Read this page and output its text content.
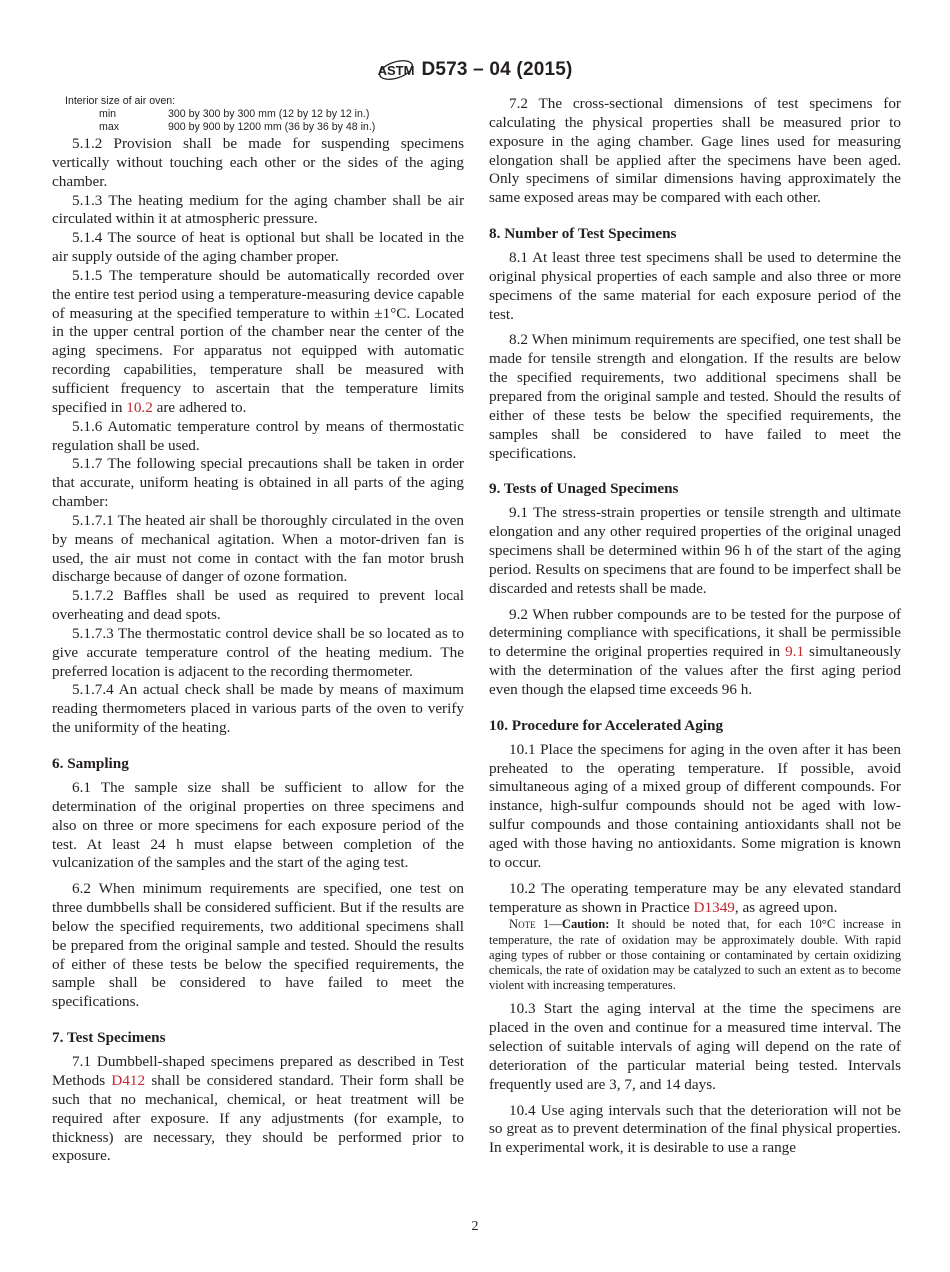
ASTM D573 – 04 (2015)
Interior size of air oven:
min	300 by 300 by 300 mm (12 by 12 by 12 in.)
max	900 by 900 by 1200 mm (36 by 36 by 48 in.)

5.1.2 Provision shall be made for suspending specimens vertically without touching each other or the sides of the aging chamber.

5.1.3 The heating medium for the aging chamber shall be air circulated within it at atmospheric pressure.

5.1.4 The source of heat is optional but shall be located in the air supply outside of the aging chamber proper.

5.1.5 The temperature should be automatically recorded over the entire test period using a temperature-measuring device capable of measuring at the specified temperature to within ±1°C. Located in the upper central portion of the chamber near the center of the aging specimens. For apparatus not equipped with automatic recording capabilities, temperature shall be measured with sufficient frequency to ascertain that the temperature limits specified in 10.2 are adhered to.

5.1.6 Automatic temperature control by means of thermostatic regulation shall be used.

5.1.7 The following special precautions shall be taken in order that accurate, uniform heating is obtained in all parts of the aging chamber:

5.1.7.1 The heated air shall be thoroughly circulated in the oven by means of mechanical agitation. When a motor-driven fan is used, the air must not come in contact with the fan motor brush discharge because of danger of ozone formation.

5.1.7.2 Baffles shall be used as required to prevent local overheating and dead spots.

5.1.7.3 The thermostatic control device shall be so located as to give accurate temperature control of the heating medium. The preferred location is adjacent to the recording thermometer.

5.1.7.4 An actual check shall be made by means of maximum reading thermometers placed in various parts of the oven to verify the uniformity of the heating.

6. Sampling

6.1 The sample size shall be sufficient to allow for the determination of the original properties on three specimens and also on three or more specimens for each exposure period of the test. At least 24 h must elapse between completion of the vulcanization of the samples and the start of the aging test.

6.2 When minimum requirements are specified, one test on three dumbbells shall be considered sufficient. But if the results are below the specified requirements, two additional specimens shall be prepared from the original sample and tested. Should the results of either of these tests be below the specified requirements, the sample shall be considered to have failed to meet the specifications.

7. Test Specimens

7.1 Dumbbell-shaped specimens prepared as described in Test Methods D412 shall be considered standard. Their form shall be such that no mechanical, chemical, or heat treatment will be required after exposure. If any adjustments (for example, to thickness) are necessary, they should be performed prior to exposure.

7.2 The cross-sectional dimensions of test specimens for calculating the physical properties shall be measured prior to exposure in the aging chamber. Gage lines used for measuring elongation shall be applied after the specimens have been aged. Only specimens of similar dimensions having approximately the same exposed areas may be compared with each other.

8. Number of Test Specimens

8.1 At least three test specimens shall be used to determine the original physical properties of each sample and also three or more specimens of the same material for each exposure period of the test.

8.2 When minimum requirements are specified, one test shall be made for tensile strength and elongation. If the results are below the specified requirements, two additional specimens shall be prepared from the original sample and tested. Should the results of either of these tests be below the specified requirements, the samples shall be considered to have failed to meet the specifications.

9. Tests of Unaged Specimens

9.1 The stress-strain properties or tensile strength and ultimate elongation and any other required properties of the original unaged specimens shall be determined within 96 h of the start of the aging period. Results on specimens that are found to be imperfect shall be discarded and retests shall be made.

9.2 When rubber compounds are to be tested for the purpose of determining compliance with specifications, it shall be permissible to determine the original properties required in 9.1 simultaneously with the determination of the values after the first aging period even though the elapsed time exceeds 96 h.

10. Procedure for Accelerated Aging

10.1 Place the specimens for aging in the oven after it has been preheated to the operating temperature. If possible, avoid simultaneous aging of a mixed group of different compounds. For instance, high-sulfur compounds should not be aged with low-sulfur compounds and those containing antioxidants shall not be aged with those having no antioxidants. Some migration is known to occur.

10.2 The operating temperature may be any elevated standard temperature as shown in Practice D1349, as agreed upon.

Note 1—Caution: It should be noted that, for each 10°C increase in temperature, the rate of oxidation may be approximately double. With rapid aging types of rubber or those containing or contaminated by certain oxidizing chemicals, the rate of oxidation may be catalyzed to such an extent as to become violent with increasing temperatures.

10.3 Start the aging interval at the time the specimens are placed in the oven and continue for a measured time interval. The selection of suitable intervals of aging will depend on the rate of deterioration of the particular material being tested. Intervals frequently used are 3, 7, and 14 days.

10.4 Use aging intervals such that the deterioration will not be so great as to prevent determination of the final physical properties. In experimental work, it is desirable to use a range

2
